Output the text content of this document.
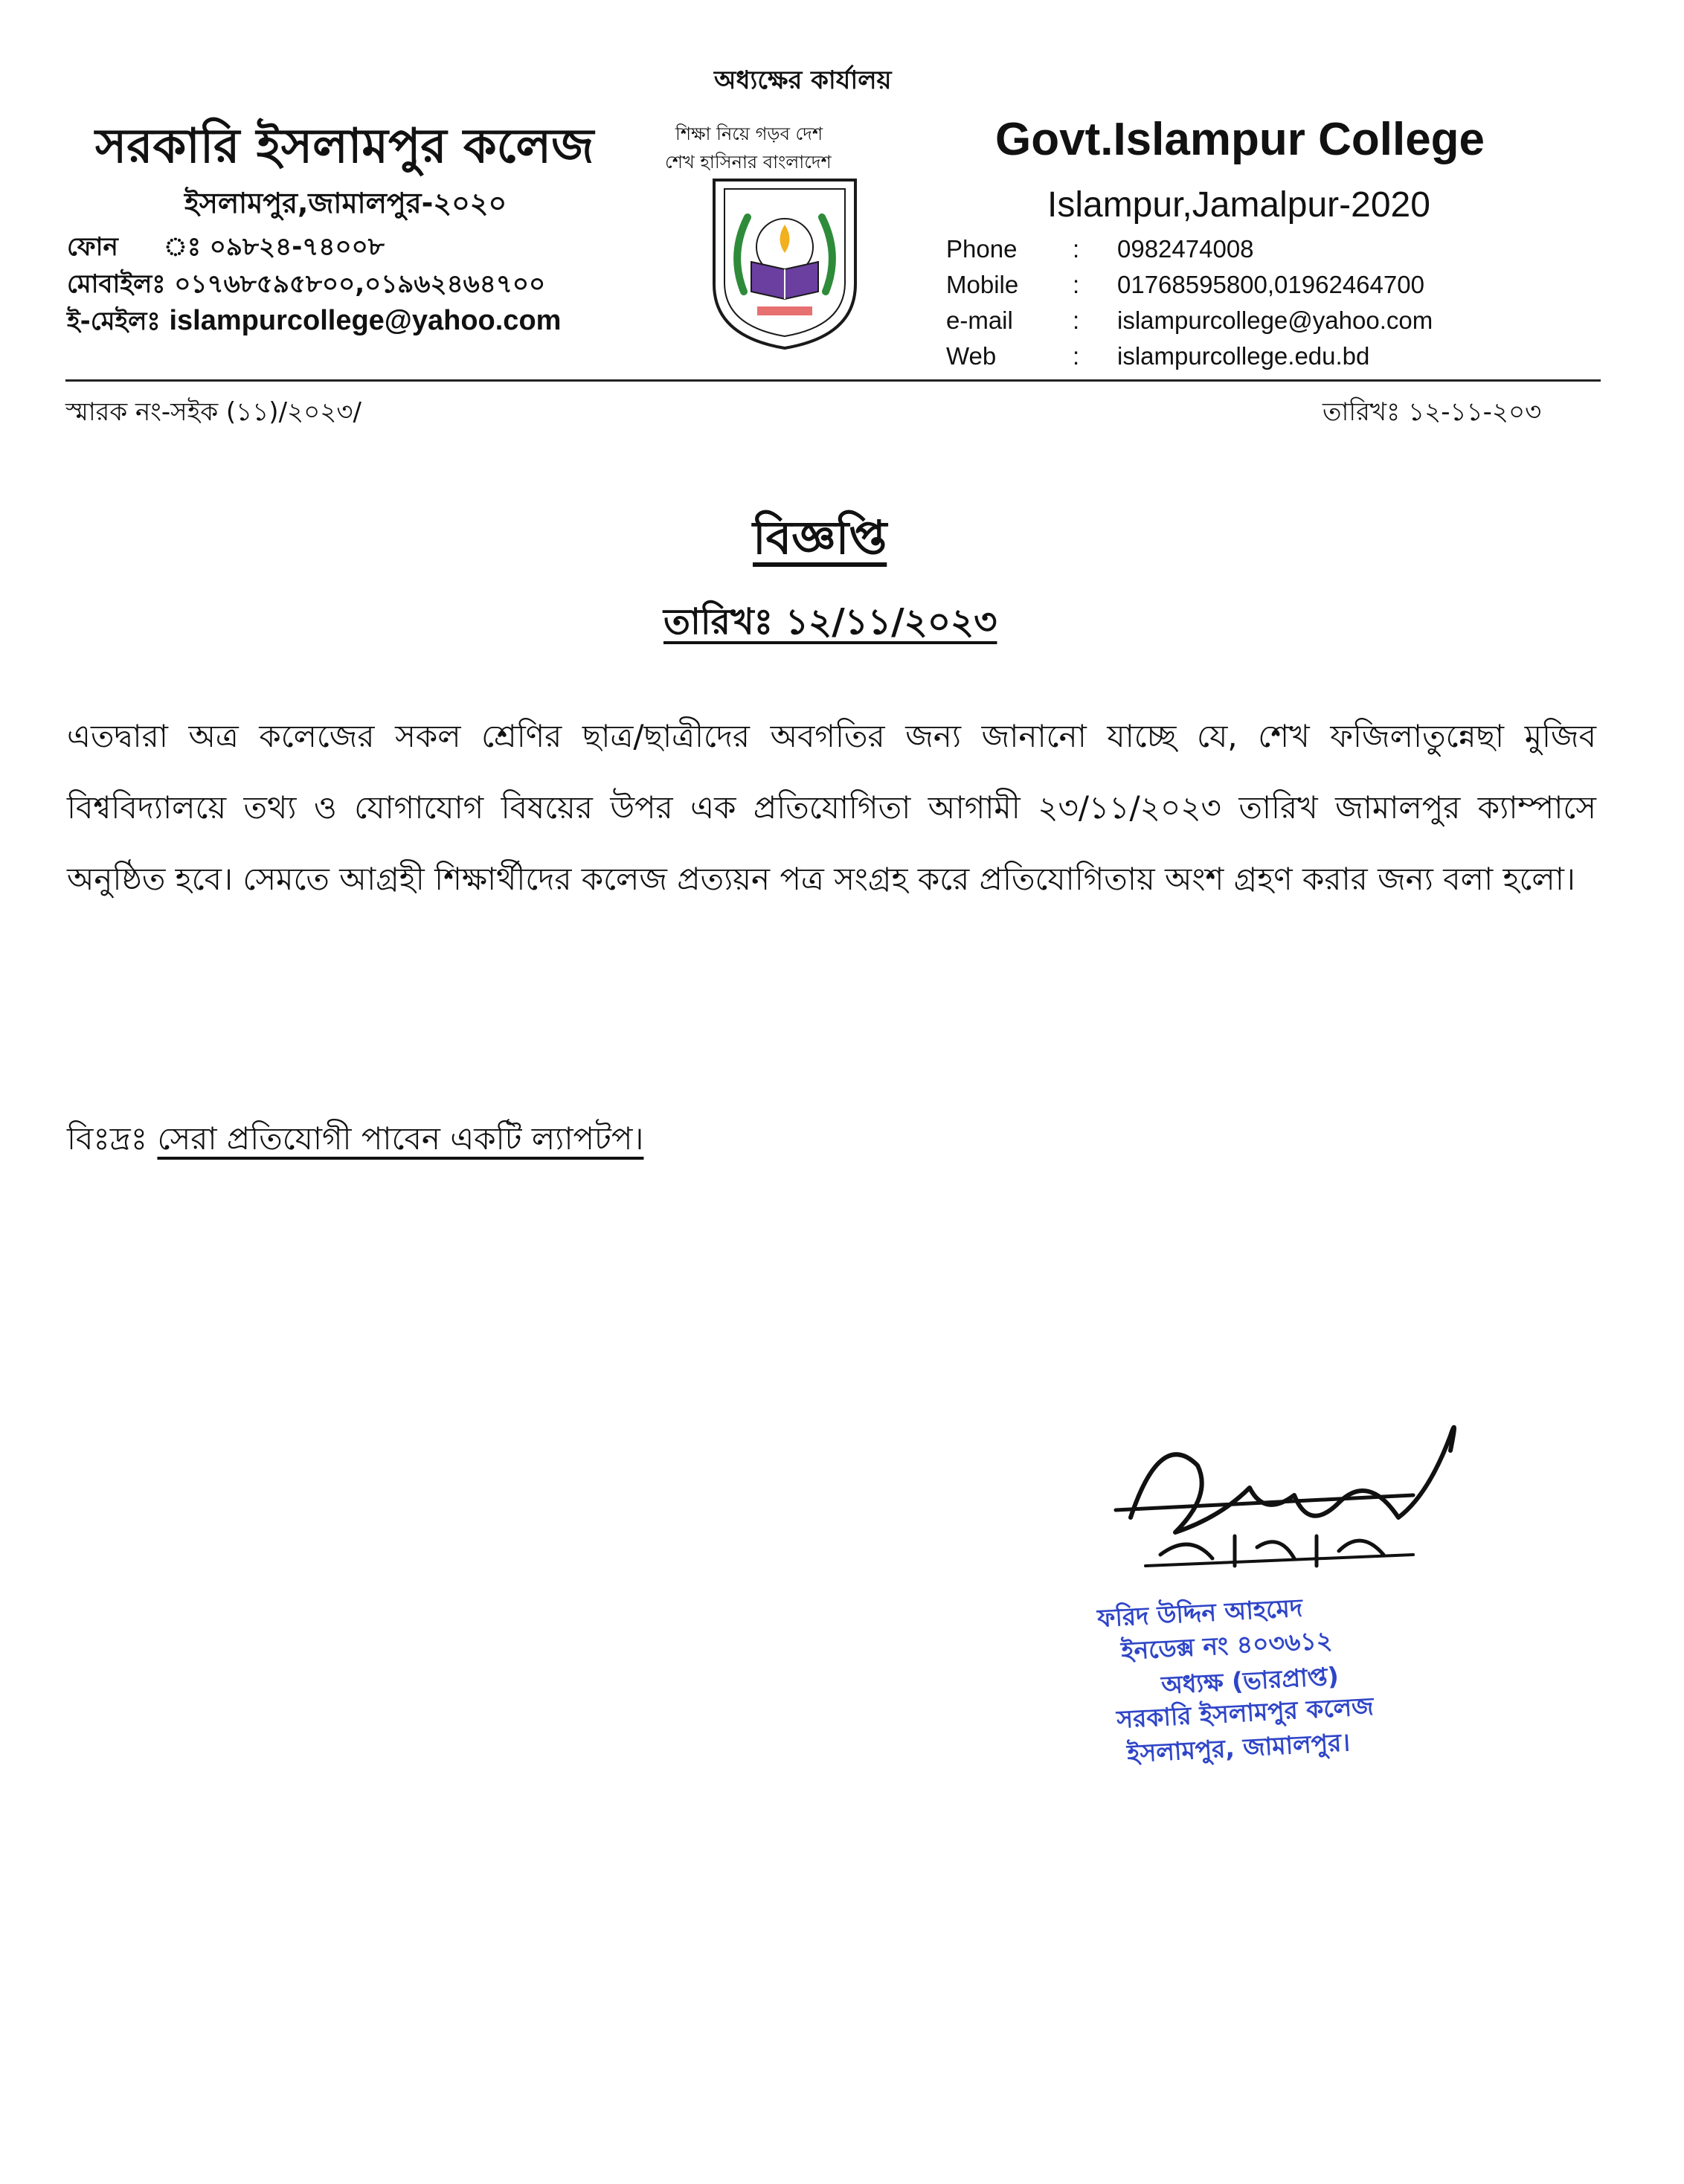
অধ্যক্ষের কার্যালয়
সরকারি ইসলামপুর কলেজ
ইসলামপুর,জামালপুর-২০২০
ফোন ঃ ০৯৮২৪-৭৪০০৮
মোবাইলঃ ০১৭৬৮৫৯৫৮০০,০১৯৬২৪৬৪৭০০
ই-মেইলঃ islampurcollege@yahoo.com
শিক্ষা নিয়ে গড়ব দেশ
শেখ হাসিনার বাংলাদেশ	Govt.Islampur College
Islampur,Jamalpur-2020
Phone : 0982474008
Mobile : 01768595800,01962464700
e-mail : islampurcollege@yahoo.com
Web	: islampurcollege.edu.bd
স্মারক নং-সইক (১১)/২০২৩/	তারিখঃ ১২-১১-২০৩
বিজ্ঞপ্তি
তারিখঃ ১২/১১/২০২৩
এতদ্বারা অত্র কলেজের সকল শ্রেণির ছাত্র/ছাত্রীদের অবগতির জন্য জানানো যাচ্ছে যে, শেখ ফজিলাতুন্নেছা মুজিব বিশ্ববিদ্যালয়ে তথ্য ও যোগাযোগ বিষয়ের উপর এক প্রতিযোগিতা আগামী ২৩/১১/২০২৩ তারিখ জামালপুর ক্যাম্পাসে অনুষ্ঠিত হবে। সেমতে আগ্রহী শিক্ষার্থীদের কলেজ প্রত্যয়ন পত্র সংগ্রহ করে প্রতিযোগিতায় অংশ গ্রহণ করার জন্য বলা হলো।
বিঃদ্রঃ সেরা প্রতিযোগী পাবেন একটি ল্যাপটপ।
ফরিদ উদ্দিন আহমেদ
ইনডেক্স নং ৪০৩৬১২
অধ্যক্ষ (ভারপ্রাপ্ত)
সরকারি ইসলামপুর কলেজ
ইসলামপুর, জামালপুর।
